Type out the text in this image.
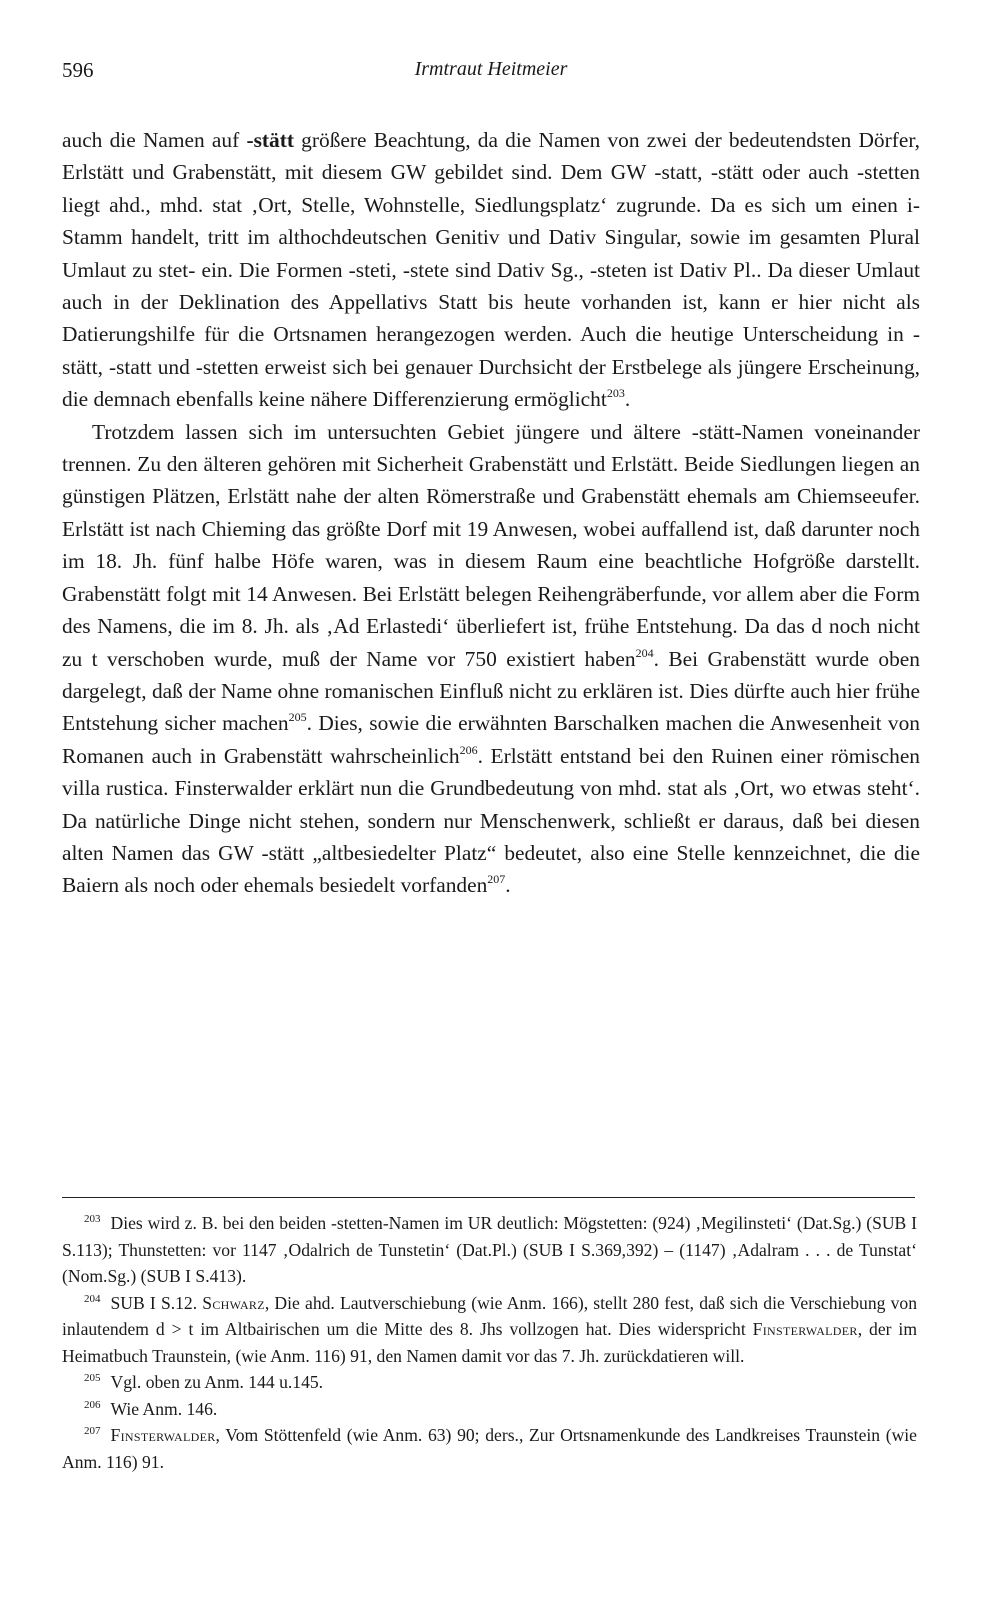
596	Irmtraut Heitmeier

auch die Namen auf -stätt größere Beachtung, da die Namen von zwei der bedeutendsten Dörfer, Erlstätt und Grabenstätt, mit diesem GW gebildet sind. Dem GW -statt, -stätt oder auch -stetten liegt ahd., mhd. stat ‚Ort, Stelle, Wohnstelle, Siedlungsplatz‘ zugrunde. Da es sich um einen i-Stamm handelt, tritt im althochdeutschen Genitiv und Dativ Singular, sowie im gesamten Plural Umlaut zu stet- ein. Die Formen -steti, -stete sind Dativ Sg., -steten ist Dativ Pl.. Da dieser Umlaut auch in der Deklination des Appellativs Statt bis heute vorhanden ist, kann er hier nicht als Datierungshilfe für die Ortsnamen herangezogen werden. Auch die heutige Unterscheidung in -stätt, -statt und -stetten erweist sich bei genauer Durchsicht der Erstbelege als jüngere Erscheinung, die demnach ebenfalls keine nähere Differenzierung ermöglicht$^{203}$.

Trotzdem lassen sich im untersuchten Gebiet jüngere und ältere -stätt-Namen voneinander trennen. Zu den älteren gehören mit Sicherheit Grabenstätt und Erlstätt. Beide Siedlungen liegen an günstigen Plätzen, Erlstätt nahe der alten Römerstraße und Grabenstätt ehemals am Chiemseeufer. Erlstätt ist nach Chieming das größte Dorf mit 19 Anwesen, wobei auffallend ist, daß darunter noch im 18. Jh. fünf halbe Höfe waren, was in diesem Raum eine beachtliche Hofgröße darstellt. Grabenstätt folgt mit 14 Anwesen. Bei Erlstätt belegen Reihengräberfunde, vor allem aber die Form des Namens, die im 8. Jh. als ‚Ad Erlastedi‘ überliefert ist, frühe Entstehung. Da das d noch nicht zu t verschoben wurde, muß der Name vor 750 existiert haben$^{204}$. Bei Grabenstätt wurde oben dargelegt, daß der Name ohne romanischen Einfluß nicht zu erklären ist. Dies dürfte auch hier frühe Entstehung sicher machen$^{205}$. Dies, sowie die erwähnten Barschalken machen die Anwesenheit von Romanen auch in Grabenstätt wahrscheinlich$^{206}$. Erlstätt entstand bei den Ruinen einer römischen villa rustica. Finsterwalder erklärt nun die Grundbedeutung von mhd. stat als ‚Ort, wo etwas steht‘. Da natürliche Dinge nicht stehen, sondern nur Menschenwerk, schließt er daraus, daß bei diesen alten Namen das GW -stätt „altbesiedelter Platz“ bedeutet, also eine Stelle kennzeichnet, die die Baiern als noch oder ehemals besiedelt vorfanden$^{207}$.

$^{203}$ Dies wird z. B. bei den beiden -stetten-Namen im UR deutlich: Mögstetten: (924) ‚Megilinsteti‘ (Dat.Sg.) (SUB I S.113); Thunstetten: vor 1147 ‚Odalrich de Tunstetin‘ (Dat.Pl.) (SUB I S.369,392) – (1147) ‚Adalram . . . de Tunstat‘ (Nom.Sg.) (SUB I S.413).

$^{204}$ SUB I S.12. Schwarz, Die ahd. Lautverschiebung (wie Anm. 166), stellt 280 fest, daß sich die Verschiebung von inlautendem d > t im Altbairischen um die Mitte des 8. Jhs vollzogen hat. Dies widerspricht Finsterwalder, der im Heimatbuch Traunstein, (wie Anm. 116) 91, den Namen damit vor das 7. Jh. zurückdatieren will.

$^{205}$ Vgl. oben zu Anm. 144 u.145.

$^{206}$ Wie Anm. 146.

$^{207}$ Finsterwalder, Vom Stöttenfeld (wie Anm. 63) 90; ders., Zur Ortsnamenkunde des Landkreises Traunstein (wie Anm. 116) 91.
